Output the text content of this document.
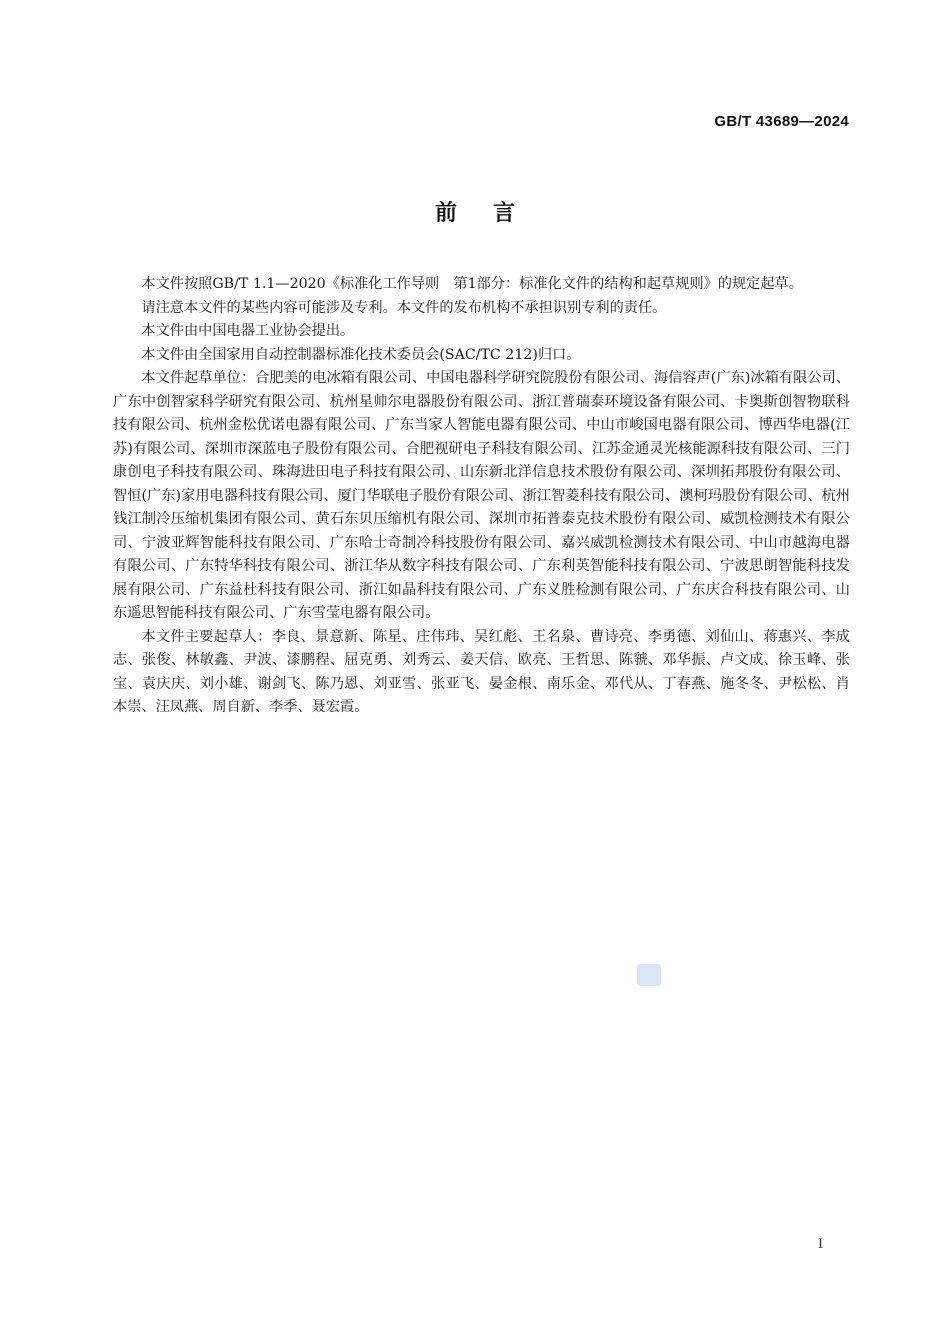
GB/T 43689—2024
前言

本文件按照GB/T 1.1—2020《标准化工作导则　第1部分：标准化文件的结构和起草规则》的规定起草。

请注意本文件的某些内容可能涉及专利。本文件的发布机构不承担识别专利的责任。

本文件由中国电器工业协会提出。

本文件由全国家用自动控制器标准化技术委员会(SAC/TC 212)归口。

本文件起草单位：合肥美的电冰箱有限公司、中国电器科学研究院股份有限公司、海信容声(广东)冰箱有限公司、广东中创智家科学研究有限公司、杭州星帅尔电器股份有限公司、浙江普瑞泰环境设备有限公司、卡奥斯创智物联科技有限公司、杭州金松优诺电器有限公司、广东当家人智能电器有限公司、中山市峻国电器有限公司、博西华电器(江苏)有限公司、深圳市深蓝电子股份有限公司、合肥视研电子科技有限公司、江苏金通灵光核能源科技有限公司、三门康创电子科技有限公司、珠海进田电子科技有限公司、山东新北洋信息技术股份有限公司、深圳拓邦股份有限公司、智恒(广东)家用电器科技有限公司、厦门华联电子股份有限公司、浙江智菱科技有限公司、澳柯玛股份有限公司、杭州钱江制冷压缩机集团有限公司、黄石东贝压缩机有限公司、深圳市拓普泰克技术股份有限公司、威凯检测技术有限公司、宁波亚辉智能科技有限公司、广东哈士奇制冷科技股份有限公司、嘉兴威凯检测技术有限公司、中山市越海电器有限公司、广东特华科技有限公司、浙江华从数字科技有限公司、广东利英智能科技有限公司、宁波思朗智能科技发展有限公司、广东益杜科技有限公司、浙江如晶科技有限公司、广东义胜检测有限公司、广东庆合科技有限公司、山东遥思智能科技有限公司、广东雪莹电器有限公司。

本文件主要起草人：李良、景意新、陈星、庄伟玮、吴红彪、王名泉、曹诗亮、李勇德、刘仙山、蒋惠兴、李成志、张俊、林敏鑫、尹波、漆鹏程、屈克勇、刘秀云、姜天信、欧亮、王哲思、陈虢、邓华振、卢文成、徐玉峰、张宝、袁庆庆、刘小雄、谢剑飞、陈乃恩、刘亚雪、张亚飞、晏金根、南乐金、邓代从、丁春燕、施冬冬、尹松松、肖本崇、汪凤燕、周自新、李季、聂宏霞。

I
